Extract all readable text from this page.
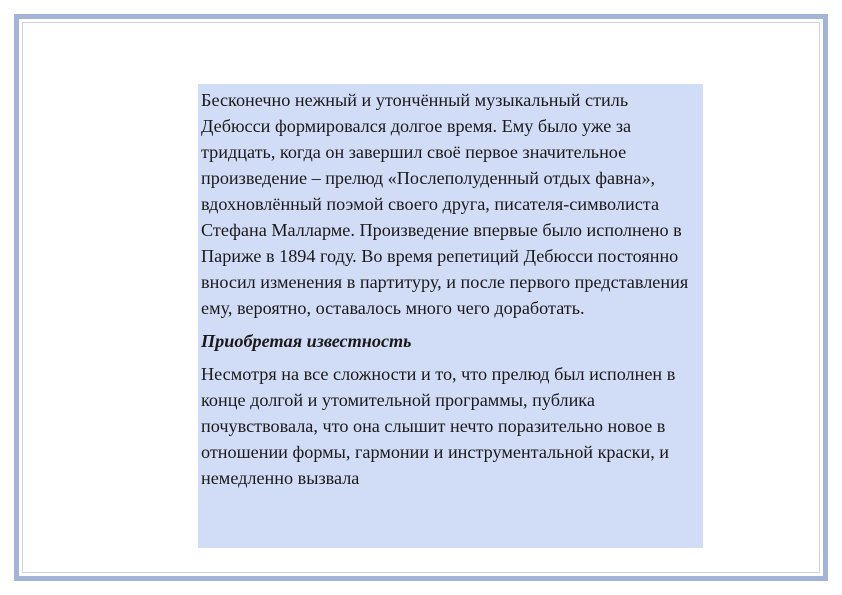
Бесконечно нежный и утончённый музыкальный стиль Дебюсси формировался долгое время. Ему было уже за тридцать, когда он завершил своё первое значительное произведение – прелюд «Послеполуденный отдых фавна», вдохновлённый поэмой своего друга, писателя-символиста Стефана Малларме. Произведение впервые было исполнено в Париже в 1894 году. Во время репетиций Дебюсси постоянно вносил изменения в партитуру, и после первого представления ему, вероятно, оставалось много чего доработать.

Приобретая известность

Несмотря на все сложности и то, что прелюд был исполнен в конце долгой и утомительной программы, публика почувствовала, что она слышит нечто поразительно новое в отношении формы, гармонии и инструментальной краски, и немедленно вызвала
